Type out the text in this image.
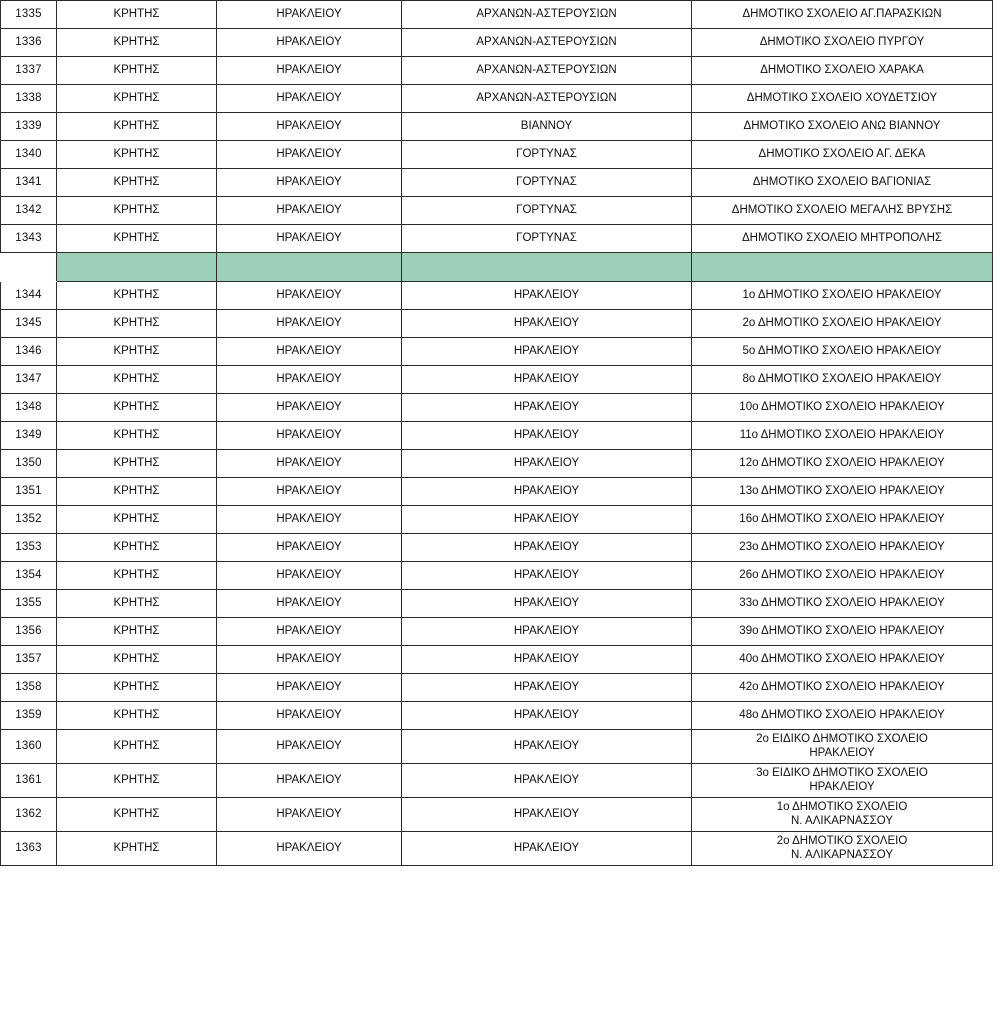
1335	ΚΡΗΤΗΣ	ΗΡΑΚΛΕΙΟΥ	ΑΡΧΑΝΩΝ-ΑΣΤΕΡΟΥΣΙΩΝ	ΔΗΜΟΤΙΚΟ ΣΧΟΛΕΙΟ ΑΓ.ΠΑΡΑΣΚΙΩΝ
1336	ΚΡΗΤΗΣ	ΗΡΑΚΛΕΙΟΥ	ΑΡΧΑΝΩΝ-ΑΣΤΕΡΟΥΣΙΩΝ	ΔΗΜΟΤΙΚΟ ΣΧΟΛΕΙΟ ΠΥΡΓΟΥ
1337	ΚΡΗΤΗΣ	ΗΡΑΚΛΕΙΟΥ	ΑΡΧΑΝΩΝ-ΑΣΤΕΡΟΥΣΙΩΝ	ΔΗΜΟΤΙΚΟ ΣΧΟΛΕΙΟ ΧΑΡΑΚΑ
1338	ΚΡΗΤΗΣ	ΗΡΑΚΛΕΙΟΥ	ΑΡΧΑΝΩΝ-ΑΣΤΕΡΟΥΣΙΩΝ	ΔΗΜΟΤΙΚΟ ΣΧΟΛΕΙΟ ΧΟΥΔΕΤΣΙΟΥ
1339	ΚΡΗΤΗΣ	ΗΡΑΚΛΕΙΟΥ	ΒΙΑΝΝΟΥ	ΔΗΜΟΤΙΚΟ ΣΧΟΛΕΙΟ ΑΝΩ ΒΙΑΝΝΟΥ
1340	ΚΡΗΤΗΣ	ΗΡΑΚΛΕΙΟΥ	ΓΟΡΤΥΝΑΣ	ΔΗΜΟΤΙΚΟ ΣΧΟΛΕΙΟ ΑΓ. ΔΕΚΑ
1341	ΚΡΗΤΗΣ	ΗΡΑΚΛΕΙΟΥ	ΓΟΡΤΥΝΑΣ	ΔΗΜΟΤΙΚΟ ΣΧΟΛΕΙΟ ΒΑΓΙΟΝΙΑΣ
1342	ΚΡΗΤΗΣ	ΗΡΑΚΛΕΙΟΥ	ΓΟΡΤΥΝΑΣ	ΔΗΜΟΤΙΚΟ ΣΧΟΛΕΙΟ ΜΕΓΑΛΗΣ ΒΡΥΣΗΣ
1343	ΚΡΗΤΗΣ	ΗΡΑΚΛΕΙΟΥ	ΓΟΡΤΥΝΑΣ	ΔΗΜΟΤΙΚΟ ΣΧΟΛΕΙΟ ΜΗΤΡΟΠΟΛΗΣ

1344	ΚΡΗΤΗΣ	ΗΡΑΚΛΕΙΟΥ	ΗΡΑΚΛΕΙΟΥ	1ο ΔΗΜΟΤΙΚΟ ΣΧΟΛΕΙΟ ΗΡΑΚΛΕΙΟΥ
1345	ΚΡΗΤΗΣ	ΗΡΑΚΛΕΙΟΥ	ΗΡΑΚΛΕΙΟΥ	2ο ΔΗΜΟΤΙΚΟ ΣΧΟΛΕΙΟ ΗΡΑΚΛΕΙΟΥ
1346	ΚΡΗΤΗΣ	ΗΡΑΚΛΕΙΟΥ	ΗΡΑΚΛΕΙΟΥ	5ο ΔΗΜΟΤΙΚΟ ΣΧΟΛΕΙΟ ΗΡΑΚΛΕΙΟΥ
1347	ΚΡΗΤΗΣ	ΗΡΑΚΛΕΙΟΥ	ΗΡΑΚΛΕΙΟΥ	8ο ΔΗΜΟΤΙΚΟ ΣΧΟΛΕΙΟ ΗΡΑΚΛΕΙΟΥ
1348	ΚΡΗΤΗΣ	ΗΡΑΚΛΕΙΟΥ	ΗΡΑΚΛΕΙΟΥ	10ο ΔΗΜΟΤΙΚΟ ΣΧΟΛΕΙΟ ΗΡΑΚΛΕΙΟΥ
1349	ΚΡΗΤΗΣ	ΗΡΑΚΛΕΙΟΥ	ΗΡΑΚΛΕΙΟΥ	11ο ΔΗΜΟΤΙΚΟ ΣΧΟΛΕΙΟ ΗΡΑΚΛΕΙΟΥ
1350	ΚΡΗΤΗΣ	ΗΡΑΚΛΕΙΟΥ	ΗΡΑΚΛΕΙΟΥ	12ο ΔΗΜΟΤΙΚΟ ΣΧΟΛΕΙΟ ΗΡΑΚΛΕΙΟΥ
1351	ΚΡΗΤΗΣ	ΗΡΑΚΛΕΙΟΥ	ΗΡΑΚΛΕΙΟΥ	13ο ΔΗΜΟΤΙΚΟ ΣΧΟΛΕΙΟ ΗΡΑΚΛΕΙΟΥ
1352	ΚΡΗΤΗΣ	ΗΡΑΚΛΕΙΟΥ	ΗΡΑΚΛΕΙΟΥ	16ο ΔΗΜΟΤΙΚΟ ΣΧΟΛΕΙΟ ΗΡΑΚΛΕΙΟΥ
1353	ΚΡΗΤΗΣ	ΗΡΑΚΛΕΙΟΥ	ΗΡΑΚΛΕΙΟΥ	23ο ΔΗΜΟΤΙΚΟ ΣΧΟΛΕΙΟ ΗΡΑΚΛΕΙΟΥ
1354	ΚΡΗΤΗΣ	ΗΡΑΚΛΕΙΟΥ	ΗΡΑΚΛΕΙΟΥ	26ο ΔΗΜΟΤΙΚΟ ΣΧΟΛΕΙΟ ΗΡΑΚΛΕΙΟΥ
1355	ΚΡΗΤΗΣ	ΗΡΑΚΛΕΙΟΥ	ΗΡΑΚΛΕΙΟΥ	33ο ΔΗΜΟΤΙΚΟ ΣΧΟΛΕΙΟ ΗΡΑΚΛΕΙΟΥ
1356	ΚΡΗΤΗΣ	ΗΡΑΚΛΕΙΟΥ	ΗΡΑΚΛΕΙΟΥ	39ο ΔΗΜΟΤΙΚΟ ΣΧΟΛΕΙΟ ΗΡΑΚΛΕΙΟΥ
1357	ΚΡΗΤΗΣ	ΗΡΑΚΛΕΙΟΥ	ΗΡΑΚΛΕΙΟΥ	40ο ΔΗΜΟΤΙΚΟ ΣΧΟΛΕΙΟ ΗΡΑΚΛΕΙΟΥ
1358	ΚΡΗΤΗΣ	ΗΡΑΚΛΕΙΟΥ	ΗΡΑΚΛΕΙΟΥ	42ο ΔΗΜΟΤΙΚΟ ΣΧΟΛΕΙΟ ΗΡΑΚΛΕΙΟΥ
1359	ΚΡΗΤΗΣ	ΗΡΑΚΛΕΙΟΥ	ΗΡΑΚΛΕΙΟΥ	48ο ΔΗΜΟΤΙΚΟ ΣΧΟΛΕΙΟ ΗΡΑΚΛΕΙΟΥ
1360	ΚΡΗΤΗΣ	ΗΡΑΚΛΕΙΟΥ	ΗΡΑΚΛΕΙΟΥ	2ο ΕΙΔΙΚΟ ΔΗΜΟΤΙΚΟ ΣΧΟΛΕΙΟ
ΗΡΑΚΛΕΙΟΥ

1361	ΚΡΗΤΗΣ	ΗΡΑΚΛΕΙΟΥ	ΗΡΑΚΛΕΙΟΥ	3ο ΕΙΔΙΚΟ ΔΗΜΟΤΙΚΟ ΣΧΟΛΕΙΟ
ΗΡΑΚΛΕΙΟΥ

1362	ΚΡΗΤΗΣ	ΗΡΑΚΛΕΙΟΥ	ΗΡΑΚΛΕΙΟΥ	1ο ΔΗΜΟΤΙΚΟ ΣΧΟΛΕΙΟ
Ν. ΑΛΙΚΑΡΝΑΣΣΟΥ

1363	ΚΡΗΤΗΣ	ΗΡΑΚΛΕΙΟΥ	ΗΡΑΚΛΕΙΟΥ	2ο ΔΗΜΟΤΙΚΟ ΣΧΟΛΕΙΟ
Ν. ΑΛΙΚΑΡΝΑΣΣΟΥ
